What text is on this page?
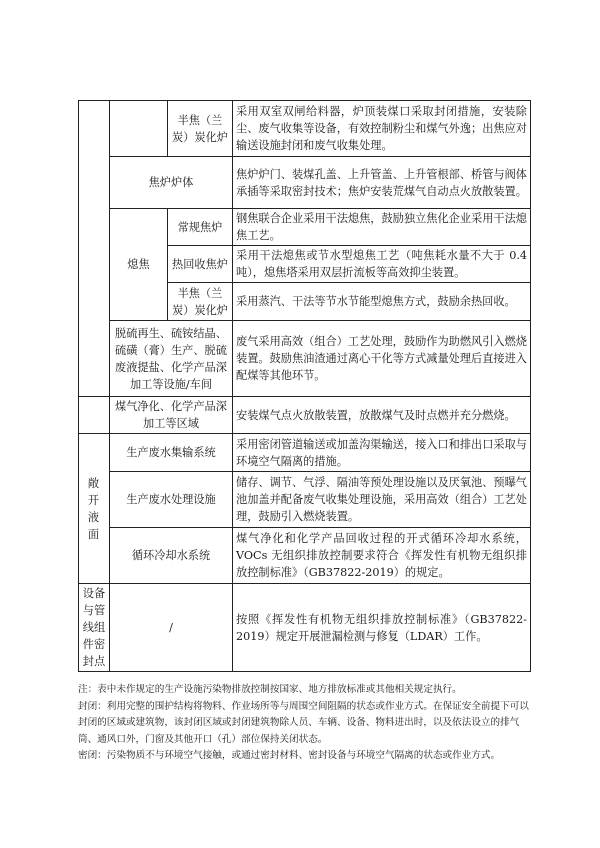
		半焦（兰炭）炭化炉	采用双室双闸给料器，炉顶装煤口采取封闭措施，安装除尘、废气收集等设备，有效控制粉尘和煤气外逸；出焦应对输送设施封闭和废气收集处理。
	焦炉炉体		焦炉炉门、装煤孔盖、上升管盖、上升管根部、桥管与阀体承插等采取密封技术；焦炉安装荒煤气自动点火放散装置。
	熄焦	常规焦炉	钢焦联合企业采用干法熄焦，鼓励独立焦化企业采用干法熄焦工艺。
		热回收焦炉	采用干法熄焦或节水型熄焦工艺（吨焦耗水量不大于 0.4 吨），熄焦塔采用双层折流板等高效抑尘装置。
		半焦（兰炭）炭化炉	采用蒸汽、干法等节水节能型熄焦方式，鼓励余热回收。
	脱硫再生、硫铵结晶、硫磺（膏）生产、脱硫废液提盐、化学产品深加工等设施/车间		废气采用高效（组合）工艺处理，鼓励作为助燃风引入燃烧装置。鼓励焦油渣通过离心干化等方式减量处理后直接进入配煤等其他环节。
	煤气净化、化学产品深加工等区域		安装煤气点火放散装置，放散煤气及时点燃并充分燃烧。
敞开液面	生产废水集输系统		采用密闭管道输送或加盖沟渠输送，接入口和排出口采取与环境空气隔离的措施。
	生产废水处理设施		储存、调节、气浮、隔油等预处理设施以及厌氧池、预曝气池加盖并配备废气收集处理设施，采用高效（组合）工艺处理，鼓励引入燃烧装置。
	循环冷却水系统		煤气净化和化学产品回收过程的开式循环冷却水系统，VOCs 无组织排放控制要求符合《挥发性有机物无组织排放控制标准》（GB37822-2019）的规定。
设备与管线组件密封点	/		按照《挥发性有机物无组织排放控制标准》（GB37822-2019）规定开展泄漏检测与修复（LDAR）工作。

注：表中未作规定的生产设施污染物排放控制按国家、地方排放标准或其他相关规定执行。

封闭：利用完整的围护结构将物料、作业场所等与周围空间阻隔的状态或作业方式。在保证安全前提下可以封闭的区域或建筑物，该封闭区域或封闭建筑物除人员、车辆、设备、物料进出时，以及依法设立的排气筒、通风口外，门窗及其他开口（孔）部位保持关闭状态。

密闭：污染物质不与环境空气接触，或通过密封材料、密封设备与环境空气隔离的状态或作业方式。
